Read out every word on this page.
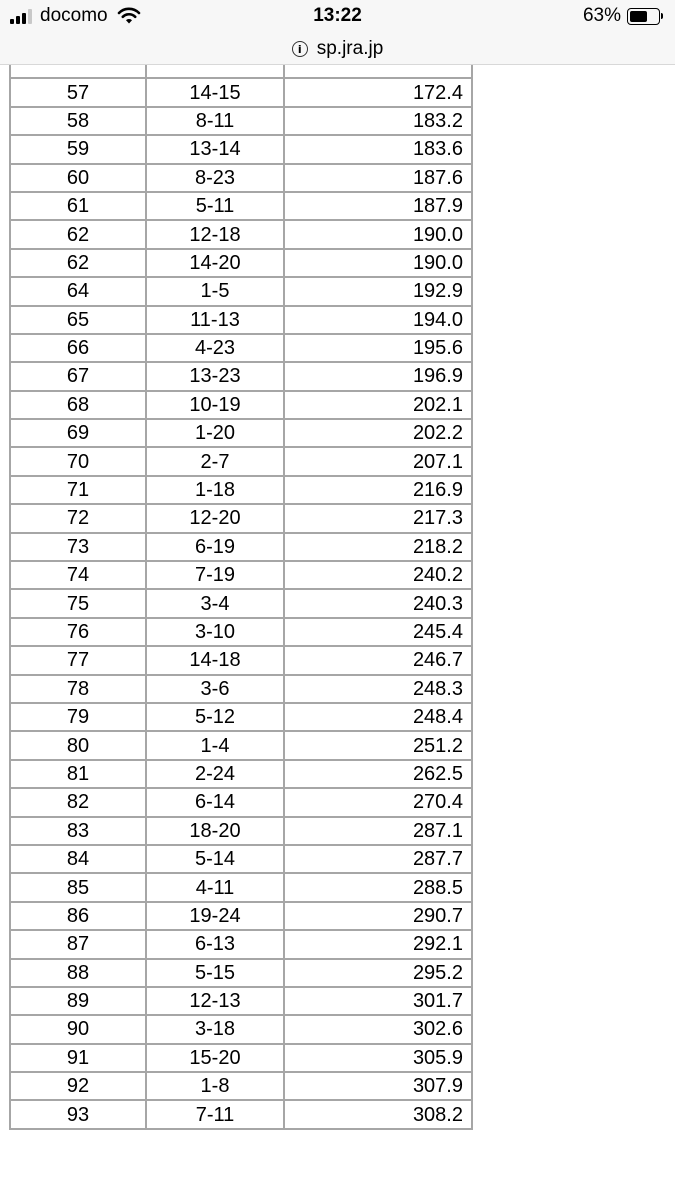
docomo	13:22	63%
i sp.jra.jp

57	14-15	172.4
58	8-11	183.2
59	13-14	183.6
60	8-23	187.6
61	5-11	187.9
62	12-18	190.0
62	14-20	190.0
64	1-5	192.9
65	11-13	194.0
66	4-23	195.6
67	13-23	196.9
68	10-19	202.1
69	1-20	202.2
70	2-7	207.1
71	1-18	216.9
72	12-20	217.3
73	6-19	218.2
74	7-19	240.2
75	3-4	240.3
76	3-10	245.4
77	14-18	246.7
78	3-6	248.3
79	5-12	248.4
80	1-4	251.2
81	2-24	262.5
82	6-14	270.4
83	18-20	287.1
84	5-14	287.7
85	4-11	288.5
86	19-24	290.7
87	6-13	292.1
88	5-15	295.2
89	12-13	301.7
90	3-18	302.6
91	15-20	305.9
92	1-8	307.9
93	7-11	308.2
